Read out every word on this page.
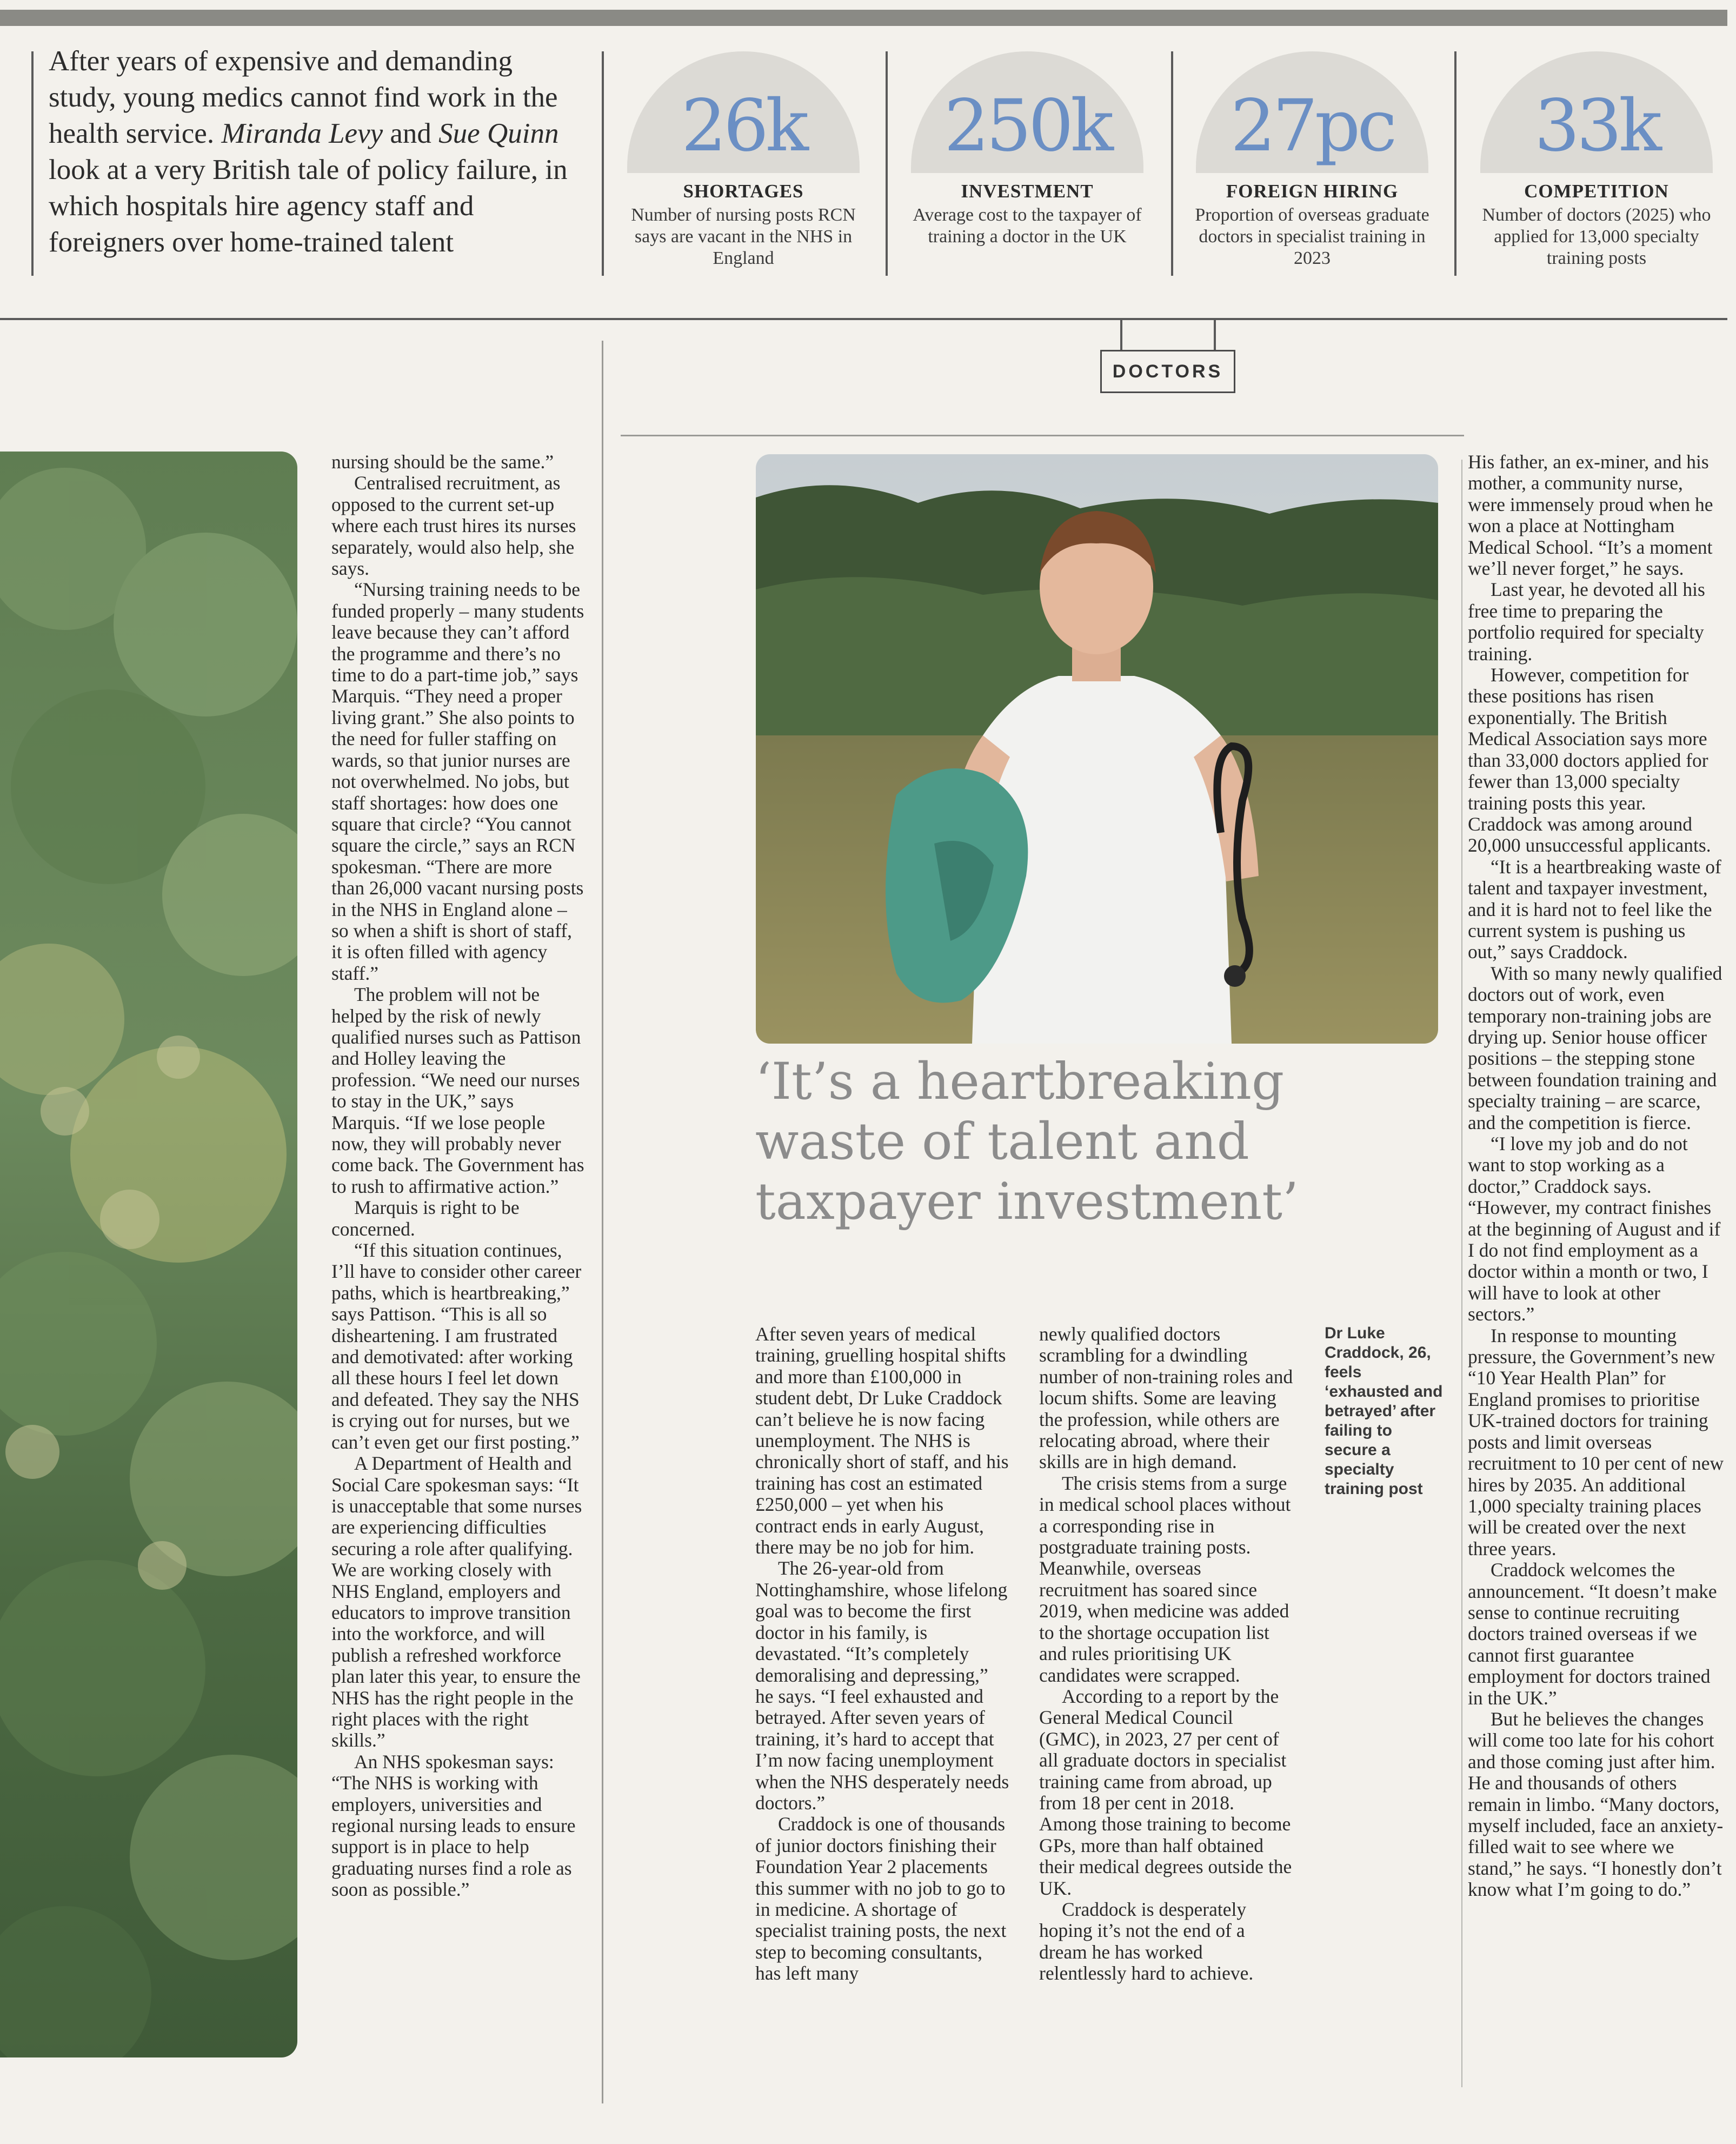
After years of expensive and demanding study, young medics cannot find work in the health service. Miranda Levy and Sue Quinn look at a very British tale of policy failure, in which hospitals hire agency staff and foreigners over home-trained talent
26k
SHORTAGES
Number of nursing posts RCN says are vacant in the NHS in England
250k
INVESTMENT
Average cost to the taxpayer of training a doctor in the UK
27pc
FOREIGN HIRING
Proportion of overseas graduate doctors in specialist training in 2023
33k
COMPETITION
Number of doctors (2025) who applied for 13,000 specialty training posts
DOCTORS

nursing should be the same.”

Centralised recruitment, as opposed to the current set-up where each trust hires its nurses separately, would also help, she says.

“Nursing training needs to be funded properly – many students leave because they can’t afford the programme and there’s no time to do a part-time job,” says Marquis. “They need a proper living grant.” She also points to the need for fuller staffing on wards, so that junior nurses are not overwhelmed. No jobs, but staff shortages: how does one square that circle? “You cannot square the circle,” says an RCN spokesman. “There are more than 26,000 vacant nursing posts in the NHS in England alone – so when a shift is short of staff, it is often filled with agency staff.”

The problem will not be helped by the risk of newly qualified nurses such as Pattison and Holley leaving the profession. “We need our nurses to stay in the UK,” says Marquis. “If we lose people now, they will probably never come back. The Government has to rush to affirmative action.”

Marquis is right to be concerned.

“If this situation continues, I’ll have to consider other career paths, which is heartbreaking,” says Pattison. “This is all so disheartening. I am frustrated and demotivated: after working all these hours I feel let down and defeated. They say the NHS is crying out for nurses, but we can’t even get our first posting.”

A Department of Health and Social Care spokesman says: “It is unacceptable that some nurses are experiencing difficulties securing a role after qualifying. We are working closely with NHS England, employers and educators to improve transition into the workforce, and will publish a refreshed workforce plan later this year, to ensure the NHS has the right people in the right places with the right skills.”

An NHS spokesman says: “The NHS is working with employers, universities and regional nursing leads to ensure support is in place to help graduating nurses find a role as soon as possible.”

‘It’s a heartbreaking waste of talent and taxpayer investment’

After seven years of medical training, gruelling hospital shifts and more than £100,000 in student debt, Dr Luke Craddock can’t believe he is now facing unemployment. The NHS is chronically short of staff, and his training has cost an estimated £250,000 – yet when his contract ends in early August, there may be no job for him.

The 26-year-old from Nottinghamshire, whose lifelong goal was to become the first doctor in his family, is devastated. “It’s completely demoralising and depressing,” he says. “I feel exhausted and betrayed. After seven years of training, it’s hard to accept that I’m now facing unemployment when the NHS desperately needs doctors.”

Craddock is one of thousands of junior doctors finishing their Foundation Year 2 placements this summer with no job to go to in medicine. A shortage of specialist training posts, the next step to becoming consultants, has left many

newly qualified doctors scrambling for a dwindling number of non-training roles and locum shifts. Some are leaving the profession, while others are relocating abroad, where their skills are in high demand.

The crisis stems from a surge in medical school places without a corresponding rise in postgraduate training posts. Meanwhile, overseas recruitment has soared since 2019, when medicine was added to the shortage occupation list and rules prioritising UK candidates were scrapped.

According to a report by the General Medical Council (GMC), in 2023, 27 per cent of all graduate doctors in specialist training came from abroad, up from 18 per cent in 2018. Among those training to become GPs, more than half obtained their medical degrees outside the UK.

Craddock is desperately hoping it’s not the end of a dream he has worked relentlessly hard to achieve.

Dr Luke Craddock, 26, feels ‘exhausted and betrayed’ after failing to secure a specialty training post

His father, an ex-miner, and his mother, a community nurse, were immensely proud when he won a place at Nottingham Medical School. “It’s a moment we’ll never forget,” he says.

Last year, he devoted all his free time to preparing the portfolio required for specialty training.

However, competition for these positions has risen exponentially. The British Medical Association says more than 33,000 doctors applied for fewer than 13,000 specialty training posts this year. Craddock was among around 20,000 unsuccessful applicants.

“It is a heartbreaking waste of talent and taxpayer investment, and it is hard not to feel like the current system is pushing us out,” says Craddock.

With so many newly qualified doctors out of work, even temporary non-training jobs are drying up. Senior house officer positions – the stepping stone between foundation training and specialty training – are scarce, and the competition is fierce.

“I love my job and do not want to stop working as a doctor,” Craddock says. “However, my contract finishes at the beginning of August and if I do not find employment as a doctor within a month or two, I will have to look at other sectors.”

In response to mounting pressure, the Government’s new “10 Year Health Plan” for England promises to prioritise UK-trained doctors for training posts and limit overseas recruitment to 10 per cent of new hires by 2035. An additional 1,000 specialty training places will be created over the next three years.

Craddock welcomes the announcement. “It doesn’t make sense to continue recruiting doctors trained overseas if we cannot first guarantee employment for doctors trained in the UK.”

But he believes the changes will come too late for his cohort and those coming just after him. He and thousands of others remain in limbo. “Many doctors, myself included, face an anxiety-filled wait to see where we stand,” he says. “I honestly don’t know what I’m going to do.”
